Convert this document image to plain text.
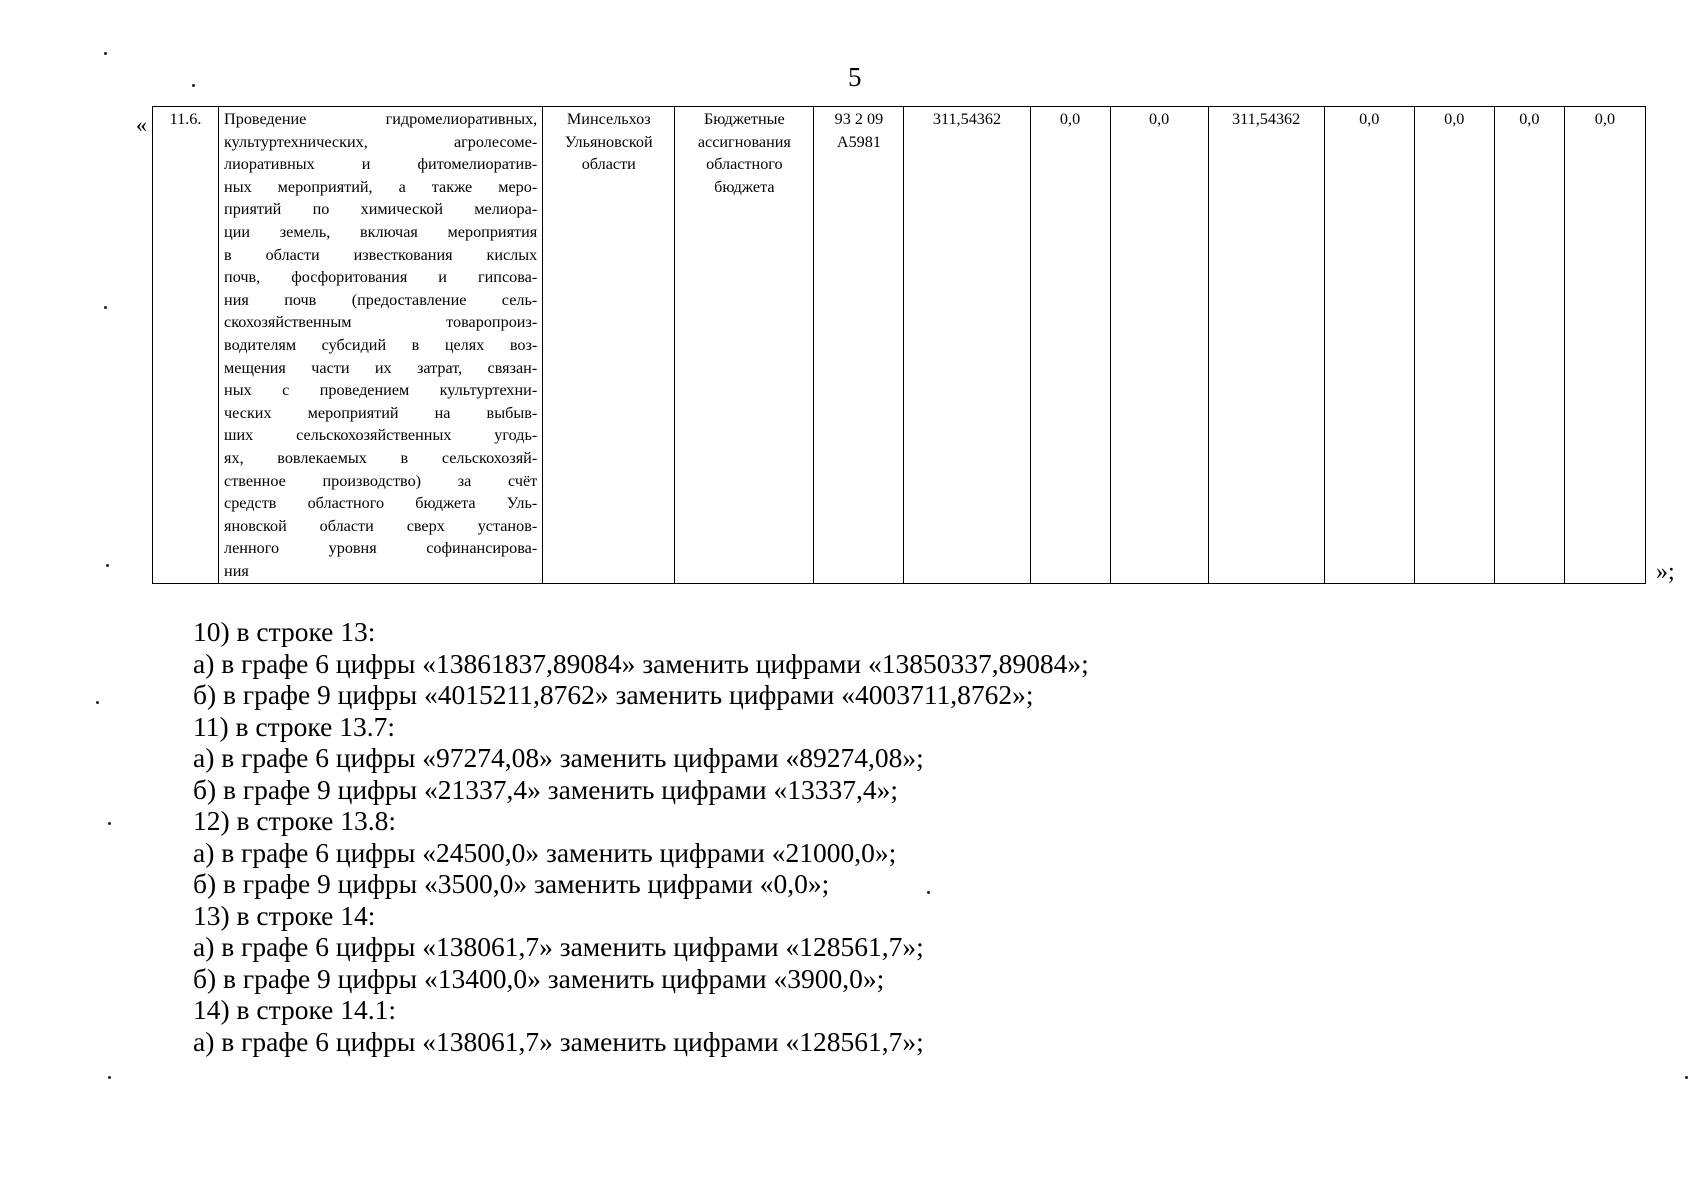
5
« 11.6.	Проведение гидромелиоративных,
культуртехнических, агролесоме-
лиоративных и фитомелиоратив-
ных мероприятий, а также меро-
приятий по химической мелиора-
ции земель, включая мероприятия
в области известкования кислых
почв, фосфоритования и гипсова-
ния почв (предоставление сель-
скохозяйственным товаропроиз-
водителям субсидий в целях воз-
мещения части их затрат, связан-
ных с проведением культуртехни-
ческих мероприятий на выбыв-
ших сельскохозяйственных угодь-
ях, вовлекаемых в сельскохозяй-
ственное производство) за счёт
средств областного бюджета Уль-
яновской области сверх установ-
ленного уровня софинансирова-
ния
	Минсельхоз Ульяновской области	Бюджетные ассигнования областного бюджета	
93 2 09
А5981
	311,54362	0,0	0,0	311,54362	0,0	0,0	0,0	0,0
»;

10) в строке 13:

а) в графе 6 цифры «13861837,89084» заменить цифрами «13850337,89084»;

б) в графе 9 цифры «4015211,8762» заменить цифрами «4003711,8762»;

11) в строке 13.7:

а) в графе 6 цифры «97274,08» заменить цифрами «89274,08»;

б) в графе 9 цифры «21337,4» заменить цифрами «13337,4»;

12) в строке 13.8:

а) в графе 6 цифры «24500,0» заменить цифрами «21000,0»;

б) в графе 9 цифры «3500,0» заменить цифрами «0,0»;

13) в строке 14:

а) в графе 6 цифры «138061,7» заменить цифрами «128561,7»;

б) в графе 9 цифры «13400,0» заменить цифрами «3900,0»;

14) в строке 14.1:

а) в графе 6 цифры «138061,7» заменить цифрами «128561,7»;
